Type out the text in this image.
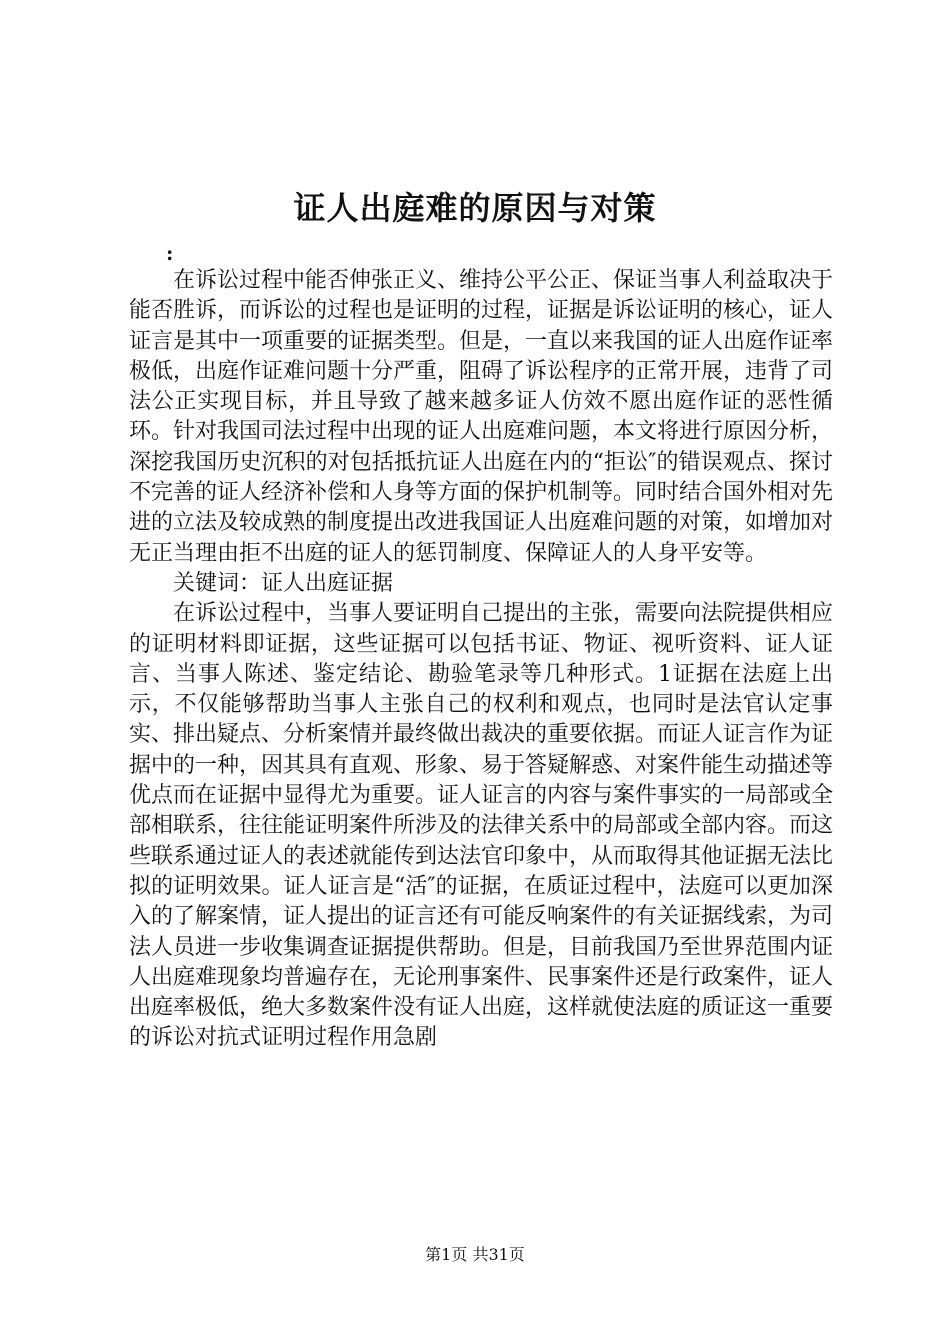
证人出庭难的原因与对策
:

在诉讼过程中能否伸张正义、维持公平公正、保证当事人利益取决于能否胜诉，而诉讼的过程也是证明的过程，证据是诉讼证明的核心，证人证言是其中一项重要的证据类型。但是，一直以来我国的证人出庭作证率极低，出庭作证难问题十分严重，阻碍了诉讼程序的正常开展，违背了司法公正实现目标，并且导致了越来越多证人仿效不愿出庭作证的恶性循环。针对我国司法过程中出现的证人出庭难问题，本文将进行原因分析，深挖我国历史沉积的对包括抵抗证人出庭在内的“拒讼″的错误观点、探讨不完善的证人经济补偿和人身等方面的保护机制等。同时结合国外相对先进的立法及较成熟的制度提出改进我国证人出庭难问题的对策，如增加对无正当理由拒不出庭的证人的惩罚制度、保障证人的人身平安等。

关键词：证人出庭证据

在诉讼过程中，当事人要证明自己提出的主张，需要向法院提供相应的证明材料即证据，这些证据可以包括书证、物证、视听资料、证人证言、当事人陈述、鉴定结论、勘验笔录等几种形式。1证据在法庭上出示，不仅能够帮助当事人主张自己的权利和观点，也同时是法官认定事实、排出疑点、分析案情并最终做出裁决的重要依据。而证人证言作为证据中的一种，因其具有直观、形象、易于答疑解惑、对案件能生动描述等优点而在证据中显得尤为重要。证人证言的内容与案件事实的一局部或全部相联系，往往能证明案件所涉及的法律关系中的局部或全部内容。而这些联系通过证人的表述就能传到达法官印象中，从而取得其他证据无法比拟的证明效果。证人证言是“活″的证据，在质证过程中，法庭可以更加深入的了解案情，证人提出的证言还有可能反响案件的有关证据线索，为司法人员进一步收集调查证据提供帮助。但是，目前我国乃至世界范围内证人出庭难现象均普遍存在，无论刑事案件、民事案件还是行政案件，证人出庭率极低，绝大多数案件没有证人出庭，这样就使法庭的质证这一重要的诉讼对抗式证明过程作用急剧

第1页 共31页
